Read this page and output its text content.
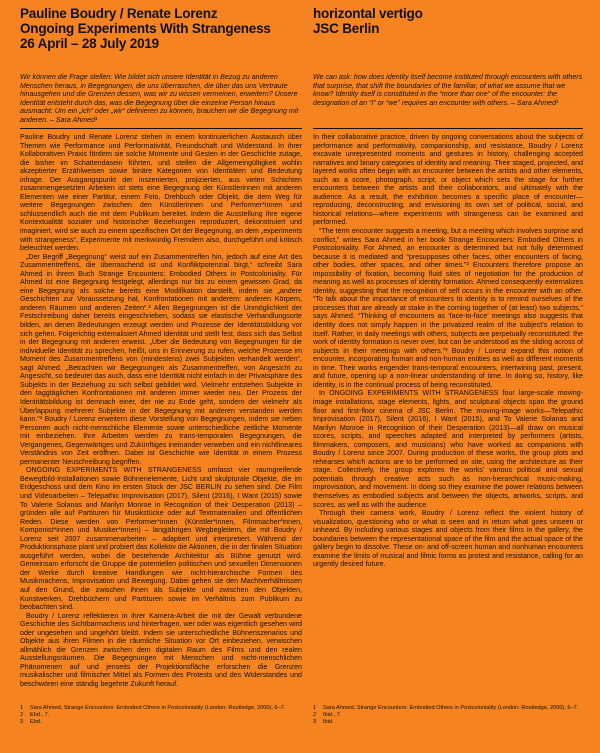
Pauline Boudry / Renate Lorenz
Ongoing Experiments With Strangeness
26 April – 28 July 2019
horizontal vertigo
JSC Berlin

Wir können die Frage stellen: Wie bildet sich unsere Identität in Bezug zu anderen Menschen heraus, in Begegnungen, die uns überraschen, die über das uns Vertraute hinausgehen und die Grenzen dessen, was wir zu wissen vermeinen, erweitern? Unsere Identität entsteht durch das, was die Begegnung über die einzelne Person hinaus ausmacht: Um ein „ich“ oder „wir“ definieren zu können, brauchen wir die Begegnung mit anderen. – Sara Ahmed¹

We can ask: how does identity itself become instituted through encounters with others that surprise, that shift the boundaries of the familiar, of what we assume that we know? Identity itself is constituted in the “more than one” of the encounter: the designation of an “I” or “we” requires an encounter with others. – Sara Ahmed¹

Pauline Boudry und Renate Lorenz stehen in einem kontinuierlichen Austausch über Themen wie Performance und Performativität, Freundschaft und Widerstand. In ihrer Kollaborativen Praxis fördern sie solche Momente und Gesten in der Geschichte zutage, die bisher im Schattendasein führten, und stellen die Allgemeingültigkeit wohlin akzeptierter Erzählweisen sowie binäre Kategorien von Identitäten und Bedeutung infrage. Der Ausgangspunkt der inszenierten, projizierten, aus vielen Schichten zusammengesetzten Arbeiten ist stets eine Begegnung der Künstlerinnen mit anderen Elementen wie einer Partitur, einem Foto, Drehbuch oder Objekt, die dem Weg für weitere Begegnungen zwischen den Künstlerinnen und Performer*innen und schlussendlich auch die mit dem Publikum bereitet. Indem die Ausstellung ihre eigene Kontextualität sozialer und historischer Beziehungen reproduziert, dekonstruiert und imaginiert, wird sie auch zu einem spezifischen Ort der Begegnung, an dem „experiments with strangeness“, Experimente mit merkwürdig Fremdem also, durchgeführt und kritisch beleuchtet werden.

„Der Begriff „Begegnung“ weist auf ein Zusammentreffen hin, jedoch auf eine Art des Zusammentreffens, die überraschend ist und Konfliktpotenzial birgt,“ schreibt Sara Ahmed in ihrem Buch Strange Encounters: Embodied Others in Postcoloniality. Für Ahmed ist eine Begegnung festgelegt, allerdings nur bis zu einem gewissen Grad, da eine Begegnung als solche bereits eine Modifikation darstellt, indem sie „andere Geschichten zur Voraussetzung hat, Konfrontationen mit anderem: anderen Körpern, anderen Räumen und anderen Zeiten“.² Allen Begegnungen ist die Unmöglichkeit der Festschreibung daher bereits eingeschrieben, sodass sie elastische Verhandlungsorte bilden, an denen Bedeutungen erzeugt werden und Prozesse der Identitätsbildung vor sich gehen. Folgerichtig extemalisiert Ahmed Identität und stellt fest, dass sich das Selbst in der Begegnung mit anderen erweist. „Über die Bedeutung von Begegnungen für die individuelle Identität zu sprechen, heißt, uns in Erinnerung zu rufen, welche Prozesse im Moment des Zusammentreffens von (mindestens) zwei Subjekten verhandelt werden“, sagt Ahmed. „Betrachten wir Begegnungen als Zusammentreffen, von Angesicht zu Angesicht, so bedeutet das auch, dass eine Identität nicht einfach in der Privatsphäre des Subjekts in der Beziehung zu sich selbst gebildet wird. Vielmehr entstehen Subjekte in den taggtäglichen Konfrontationen mit anderen immer wieder neu. Der Prozess der Identitätsbildung ist demnach einer, der nie zu Ende geht, sondern der vielmehr als Überlappung mehrerer Subjekte in der Begegnung mit anderen verstanden werden kann.“³ Boudry / Lorenz erweitern diese Vorstellung von Begegnungen, indem sie neben Personen auch nicht-menschliche Elemente sowie unterschiedliche zeitliche Momente mit einbeziehen. Ihre Arbeiten werden zu trans-temporalen Begegnungen, die Vergangenes, Gegenwärtiges und Zukünftiges ineinander verweben und ein nichtlineares Verständnis von Zeit eröffnen. Dabei ist Geschichte wie Identität in einem Prozess permanenter Neuschreibung begriffen.

ONGOING EXPERIMENTS WITH STRANGENESS umfasst vier raumgreifende Bewegtbild-Installationen sowie Bühnenelemente, Licht und skulpturale Objekte, die im Erdgeschoss und dem Kino im ersten Stock der JSC BERLIN zu sehen sind. Die Film und Videoarbeiten – Telepathic Improvisation (2017), Silent (2016), I Want (2015) sowie To Valerie Solanas and Marilyn Monroe in Recognition of their Desperation (2013) – gründen alle auf Partituren für Musikstücke oder auf Textmaterialien und öffentlichen Reden. Diese werden von Performer*innen (Künstler*innen, Filmmacher*innen, Komponist*innen und Musiker*innen) – langjährigen Wegbegleitern, die mit Boudry / Lorenz seit 2007 zusammenarbeiten – adaptiert und interpretiert. Während der Produktionsphase plant und probiert das Kollektiv die Aktionen, die in der finalen Situation ausgeführt werden, wobei die bestehende Architektur als Bühne genutzt wird. Gemeinsam erforscht die Gruppe die potentiellen politischen und sexuellen Dimensionen der Werke durch kreative Handlungen wie nicht-hierarchische Formen des Musikmachens, Improvisation und Bewegung. Dabei gehen sie den Machtverhältnissen auf den Grund, die zwischen ihnen als Subjekte und zwischen den Objekten, Kunstwerken, Drehbüchern und Partituren sowie im Verhältnis zum Publikum zu beobachten sind.

Boudry / Lorenz reflektieren in ihrer Kamera-Arbeit die mit der Gewalt verbundene Geschichte des Sichtbarmachens und hinterfragen, wer oder was eigentlich gesehen wird oder ungesehen und ungehört bleibt. Indem sie unterschiedliche Bühnenszenarios und Objekte aus ihren Filmen in die räumliche Situation vor Ort einbeziehen, verwischen allmählich die Grenzen zwischen dem digitalen Raum des Films und den realen Ausstellungsräumen. Die Begegnungen mit Menschen und nicht-menschlichen Phänomenen auf und jenseits der Projektionsfläche erforschen die Grenzen musikalischer und filmischer Mittel als Formen des Protests und des Widerstandes und beschwören eine ständig begehrte Zukunft herauf.

In their collaborative practice, driven by ongoing conversations about the subjects of performance and performativity, companionship, and resistance, Boudry / Lorenz excavate unrepresented moments and gestures in history, challenging accepted narratives and binary categories of identity and meaning. Their staged, projected, and layered works often begin with an encounter between the artists and other elements, such as a score, photograph, script, or object which sets the stage for further encounters between the artists and their collaborators, and ultimately with the audience. As a result, the exhibition becomes a specific place of encounter—reproducing, deconstructing, and envisioning its own set of political, social, and historical relations—where experiments with strangeness can be examined and performed.

“The term encounter suggests a meeting, but a meeting which involves surprise and conflict,” writes Sara Ahmed in her book Strange Encounters: Embodied Others in Postcoloniality. For Ahmed, an encounter is determined but not fully determined because it is mediated and “presupposes other faces, other encounters of facing, other bodies, other spaces, and other times.”² Encounters therefore propose an impossibility of fixation, becoming fluid sites of negotiation for the production of meaning as well as processes of identity formation. Ahmed consequently externalizes identity, suggesting that the recognition of self occurs in the encounter with an other. “To talk about the importance of encounters to identity is to remind ourselves of the processes that are already at stake in the coming together of (at least) two subjects,” says Ahmed. “Thinking of encounters as ‘face-to-face’ meetings also suggests that identity does not simply happen in the privatized realm of the subject’s relation to itself. Rather, in daily meetings with others, subjects are perpetually reconstituted: the work of identity formation is never over, but can be understood as the sliding across of subjects in their meetings with others.”³ Boudry / Lorenz expand this notion of encounter, incorporating human and non-human entities as well as different moments in time. Their works engender trans-temporal encounters, intertwining past, present, and future, opening up a non-linear understanding of time. In doing so, history, like identity, is in the continual process of being reconstituted.

In ONGOING EXPERIMENTS WITH STRANGENESS four large-scale moving-image installations, stage elements, lights, and sculptural objects span the ground floor and first-floor cinema of JSC Berlin. The moving-image works—Telepathic Improvisation (2017), Silent (2016), I Want (2015), and To Valerie Solanas and Marilyn Monroe in Recognition of their Desperation (2013)—all draw on musical scores, scripts, and speeches adapted and interpreted by performers (artists, filmmakers, composers, and musicians) who have worked as companions with Boudry / Lorenz since 2007. During production of these works, the group plots and rehearses which actions are to be performed on site, using the architecture as their stage. Collectively, the group explores the works’ various political and sexual potentials through creative acts such as non-hierarchical music-making, improvisation, and movement. In doing so they examine the power relations between themselves as embodied subjects and between the objects, artworks, scripts, and scores, as well as with the audience.

Through their camera work, Boudry / Lorenz reflect the violent history of visualization, questioning who or what is seen and in return what goes unseen or unheard. By including various stages and objects from their films in the gallery, the boundaries between the representational space of the film and the actual space of the gallery begin to dissolve. These on- and off-screen human and nonhuman encounters examine the limits of musical and filmic forms as protest and resistance, calling for an urgently desired future.

1	Sara Ahmed, Strange Encounters: Embodied Others in Postcoloniality (London: Routledge, 2000), 6–7.
2	Ebd., 7.
3	Ebd.
1	Sara Ahmed, Strange Encounters: Embodied Others in Postcoloniality (London: Routledge, 2000), 6–7.
2	Ibid., 7.
3	Ibid.
